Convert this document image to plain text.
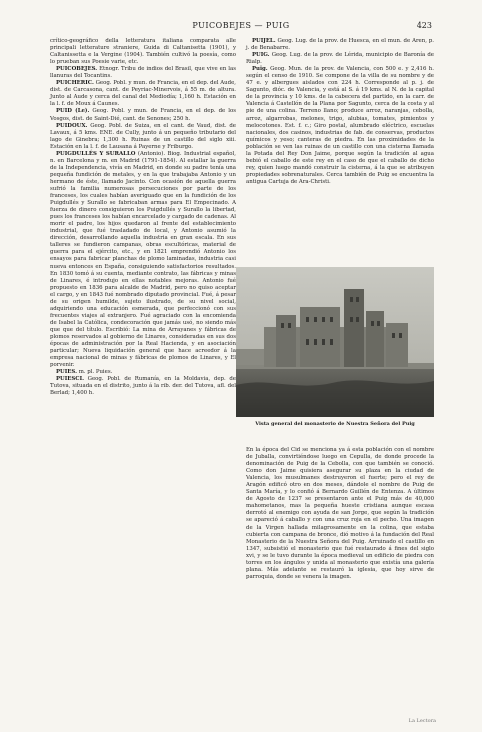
PUICOBEJES — PUIG	423

crítico-geográfico della letteratura italiana comparata alle principali letterature straniere, Guida di Caltanisetta (1901), y Caltanissetta e la Vergine (1904). También cultivó la poesía, como lo prueban sus Poesie varie, etc.

PUICOBEJES. Etnogr. Tribu de indios del Brasil, que vive en las llanuras del Tocantins.

PUICHERIC. Geog. Pobl. y mun. de Francia, en el dep. del Aude, dist. de Carcasona, cant. de Peyriac-Minervois, á 55 m. de altura. Junto al Aude y cerca del canal del Mediodía; 1,160 h. Estación en la l. f. de Moux á Caunes.

PUID (Le). Geog. Pobl. y mun. de Francia, en el dep. de los Vosgos, dist. de Saint-Dié, cant. de Senones; 250 h.

PUIDOUX. Geog. Pobl. de Suiza, en el cant. de Vaud, dist. de Lavaux, á 5 kms. ENE. de Cully, junto á un pequeño tributario del lago de Ginebra; 1,300 h. Ruinas de un castillo del siglo xiii. Estación en la l. f. de Lausana á Payerne y Friburgo.

PUIGDULLÉS Y SURALLO (Antonio). Biog. Industrial español, n. en Barcelona y m. en Madrid (1791-1854). Al estallar la guerra de la Independencia, vivía en Madrid, en donde su padre tenía una pequeña fundición de metales, y en la que trabajaba Antonio y un hermano de éste, llamado Jacinto. Con ocasión de aquella guerra sufrió la familia numerosas persecuciones por parte de los franceses, los cuales habían averiguado que en la fundición de los Puigdullés y Surallo se fabricaban armas para El Empecinado. A fuerza de dinero consiguieron los Puigdullés y Surallo la libertad, pues los franceses los habían encarcelado y cargado de cadenas. Al morir el padre, los hijos quedaron al frente del establecimiento industrial, que fué trasladado de local, y Antonio asumió la dirección, desarrollando aquella industria en gran escala. En sus talleres se fundieron campanas, obras escultóricas, material de guerra para el ejército, etc., y en 1821 emprendió Antonio los ensayos para fabricar planchas de plomo laminadas, industria casi nueva entonces en España, consiguiendo satisfactorios resultados. En 1830 tomó á su cuenta, mediante contrato, las fábricas y minas de Linares, é introdujo en ellas notables mejoras. Antonio fué propuesto en 1836 para alcalde de Madrid, pero no quiso aceptar el cargo, y en 1843 fué nombrado diputado provincial. Fué, á pesar de su origen humilde, sujeto ilustrado, de su nivel social, adquiriendo una educación esmerada, que perfeccionó con sus frecuentes viajes al extranjero. Fué agraciado con la encomienda de Isabel la Católica, condecoración que jamás usó, no siendo más que que del título. Escribió: La mina de Arrayanes y fábricas de plomos reservados al gobierno de Linares, consideradas en sus dos épocas de administración por la Real Hacienda, y en asociación particular; Nueva liquidación general que hace acreedor á la empresa nacional de minas y fábricas de plomos de Linares, y El porvenir.

PUIES. m. pl. Puies.

PUIESCI. Geog. Pobl. de Rumanía, en la Moldavia, dep. de Tutova, situada en el distrito, junto á la rib. der. del Tutova, afl. del Berlad; 1,400 h.

PUIJEL. Geog. Lug. de la prov. de Huesca, en el mun. de Aren, p. j. de Benabarre.

PUIG. Geog. Lug. de la prov. de Lérida, municipio de Baronía de Rialp.

Puig. Geog. Mun. de la prov. de Valencia, con 500 e. y 2,416 h. según el censo de 1910. Se compone de la villa de su nombre y de 47 e. y albergues aislados con 224 h. Corresponde al p. j. de Sagunto, dióc. de Valencia, y está al S. á 19 kms. al N. de la capital de la provincia y 10 kms. de la cabecera del partido, en la carr. de Valencia á Castellón de la Plana por Sagunto, cerca de la costa y al pie de una colina. Terreno llano; produce arroz, naranjas, cebolla, arroz, algarrobas, melones, trigo, alubias, tomates, pimientos y melocotones. Est. f. c.; Giro postal, alumbrado eléctrico, escuelas nacionales, dos casinos, industrias de fab. de conservas, productos químicos y yeso; canteras de piedra. En las proximidades de la población se ven las ruinas de un castillo con una cisterna llamada la Potada del Rey Don Jaime, porque según la tradición al agua bebió el caballo de este rey en el caso de que el caballo de dicho rey, quien luego mandó construir la cisterna, á la que se atribuyen propiedades sobrenaturales. Cerca también de Puig se encuentra la antigua Cartuja de Ara-Christi.

Vista general del monasterio de Nuestra Señora del Puig

En la época del Cid se menciona ya á esta población con el nombre de Juballa, convirtiéndose luego en Cepulla, de donde procede la denominación de Puig de la Cebolla, con que también se conoció. Como don Jaime quisiera asegurar su plaza en la ciudad de Valencia, los musulmanes destruyeron el fuerte; pero el rey de Aragón edificó otro en dos meses, dándole el nombre de Puig de Santa María, y lo confió á Bernardo Guillén de Entenza. A últimos de Agosto de 1237 se presentaron ante el Puig más de 40,000 mahometanos, mas la pequeña hueste cristiana aunque escasa derrotó al enemigo con ayuda de san Jorge, que según la tradición se apareció á caballo y con una cruz roja en el pecho. Una imagen de la Virgen hallada milagrosamente en la colina, que estaba cubierta con campana de bronce, dió motivo á la fundación del Real Monasterio de la Nuestra Señora del Puig. Arruinado el castillo en 1347, subsistió el monasterio que fué restaurado á fines del siglo xvi, y se le tuvo durante la época medieval un edificio de piedra con torres en los ángulos y unida al monasterio que existía una galería plana. Más adelante se restauró la iglesia, que hoy sirve de parroquia, donde se venera la imagen.

La Lectora
